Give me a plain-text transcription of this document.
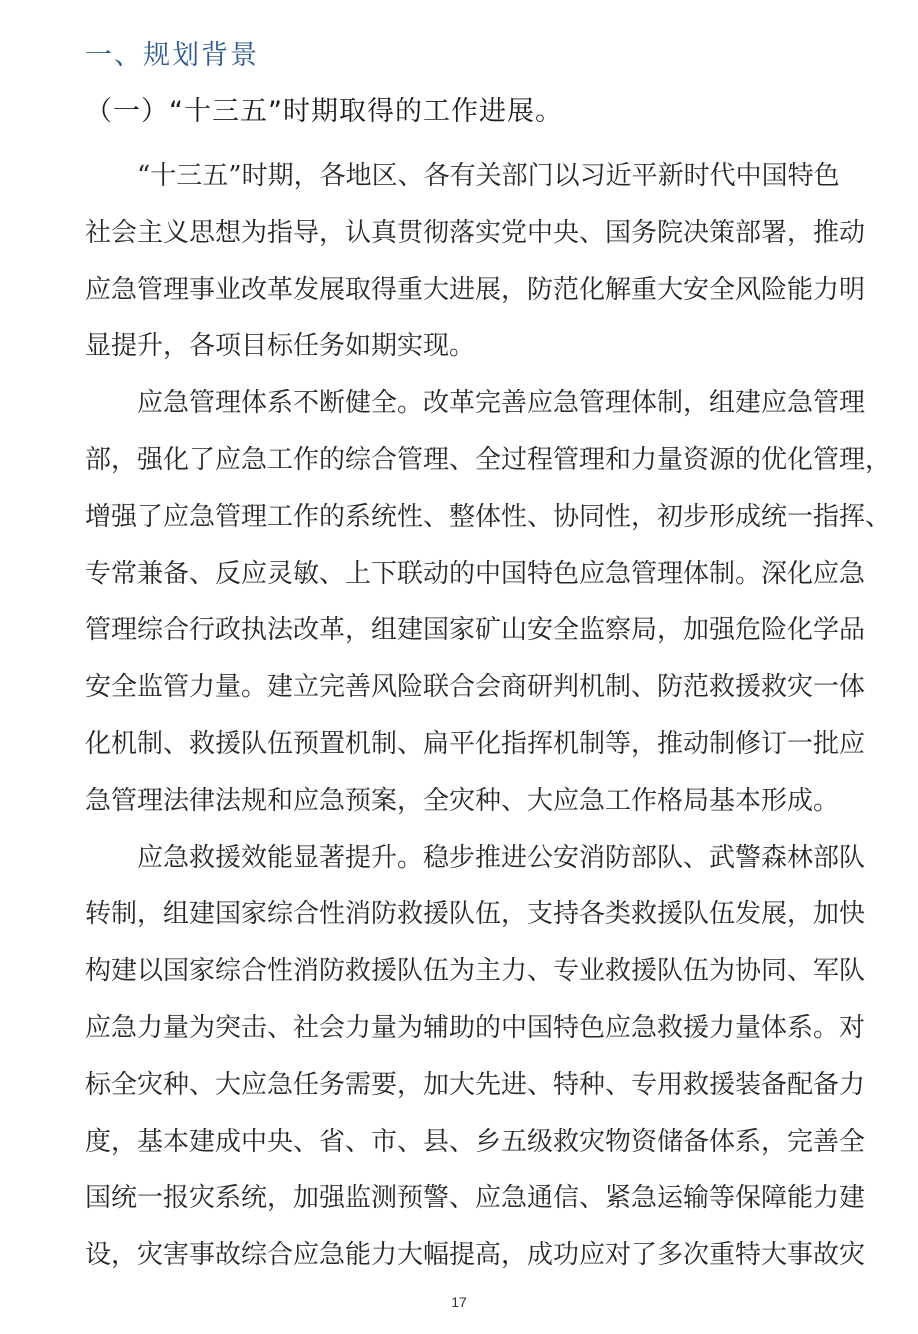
一、规划背景
（一）“十三五”时期取得的工作进展。

“十三五”时期，各地区、各有关部门以习近平新时代中国特色
社会主义思想为指导，认真贯彻落实党中央、国务院决策部署，推动
应急管理事业改革发展取得重大进展，防范化解重大安全风险能力明
显提升，各项目标任务如期实现。

应急管理体系不断健全。改革完善应急管理体制，组建应急管理
部，强化了应急工作的综合管理、全过程管理和力量资源的优化管理，
增强了应急管理工作的系统性、整体性、协同性，初步形成统一指挥、
专常兼备、反应灵敏、上下联动的中国特色应急管理体制。深化应急
管理综合行政执法改革，组建国家矿山安全监察局，加强危险化学品
安全监管力量。建立完善风险联合会商研判机制、防范救援救灾一体
化机制、救援队伍预置机制、扁平化指挥机制等，推动制修订一批应
急管理法律法规和应急预案，全灾种、大应急工作格局基本形成。

应急救援效能显著提升。稳步推进公安消防部队、武警森林部队
转制，组建国家综合性消防救援队伍，支持各类救援队伍发展，加快
构建以国家综合性消防救援队伍为主力、专业救援队伍为协同、军队
应急力量为突击、社会力量为辅助的中国特色应急救援力量体系。对
标全灾种、大应急任务需要，加大先进、特种、专用救援装备配备力
度，基本建成中央、省、市、县、乡五级救灾物资储备体系，完善全
国统一报灾系统，加强监测预警、应急通信、紧急运输等保障能力建
设，灾害事故综合应急能力大幅提高，成功应对了多次重特大事故灾

17
